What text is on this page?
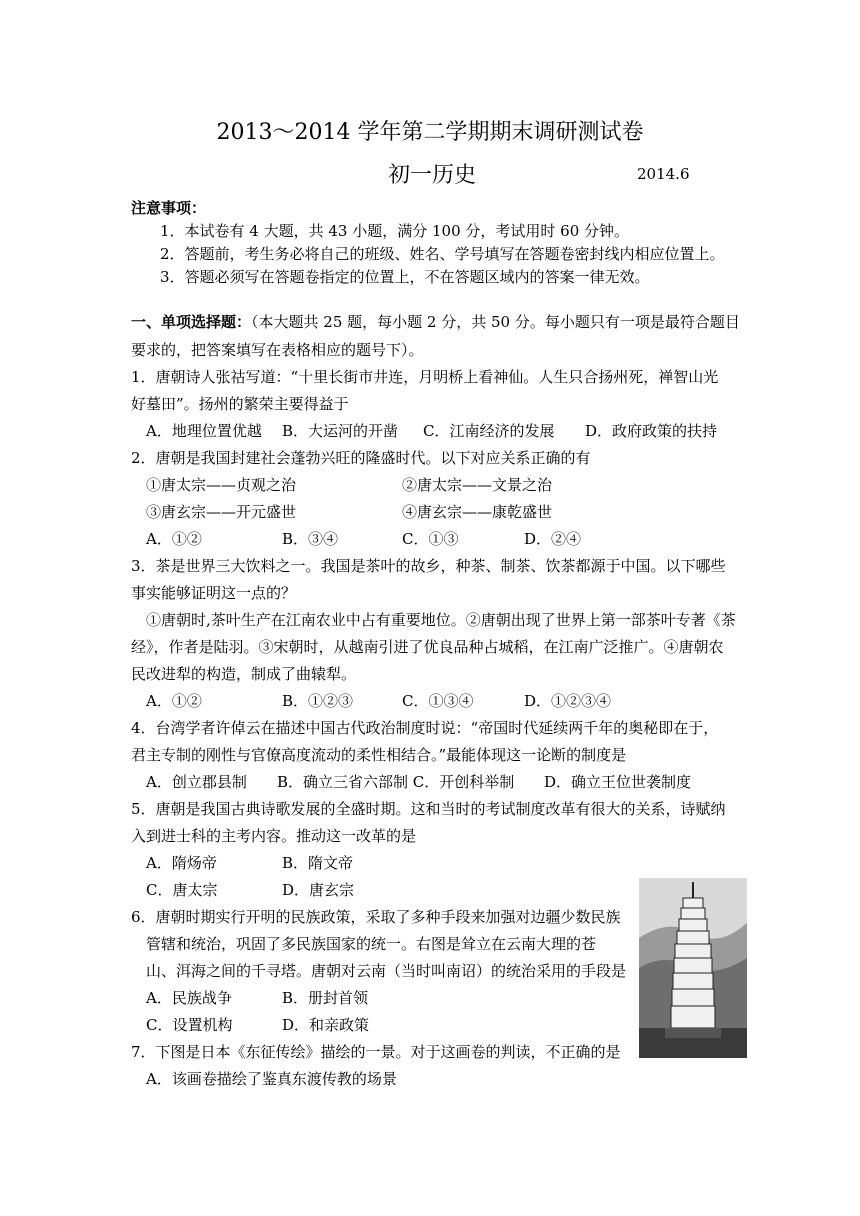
2013～2014 学年第二学期期末调研测试卷
初一历史	2014.6
注意事项：
1．本试卷有 4 大题，共 43 小题，满分 100 分，考试用时 60 分钟。
2．答题前，考生务必将自己的班级、姓名、学号填写在答题卷密封线内相应位置上。
3．答题必须写在答题卷指定的位置上，不在答题区域内的答案一律无效。
一、单项选择题：（本大题共 25 题，每小题 2 分，共 50 分。每小题只有一项是最符合题目
要求的，把答案填写在表格相应的题号下）。
1．唐朝诗人张祜写道：“十里长街市井连，月明桥上看神仙。人生只合扬州死，禅智山光
好墓田”。扬州的繁荣主要得益于
A．地理位置优越 B．大运河的开凿 C．江南经济的发展 D．政府政策的扶持
2．唐朝是我国封建社会蓬勃兴旺的隆盛时代。以下对应关系正确的有
①唐太宗——贞观之治	②唐太宗——文景之治
③唐玄宗——开元盛世	④唐玄宗——康乾盛世
A．①②	B．③④	C．①③	D．②④
3．茶是世界三大饮料之一。我国是茶叶的故乡，种茶、制茶、饮茶都源于中国。以下哪些
事实能够证明这一点的？
①唐朝时,茶叶生产在江南农业中占有重要地位。②唐朝出现了世界上第一部茶叶专著《茶
经》，作者是陆羽。③宋朝时，从越南引进了优良品种占城稻，在江南广泛推广。④唐朝农
民改进犁的构造，制成了曲辕犁。
A．①②	B．①②③	C．①③④	D．①②③④
4．台湾学者许倬云在描述中国古代政治制度时说：“帝国时代延续两千年的奥秘即在于，
君主专制的刚性与官僚高度流动的柔性相结合。”最能体现这一论断的制度是
A．创立郡县制 B．确立三省六部制 C．开创科举制 D．确立王位世袭制度
5．唐朝是我国古典诗歌发展的全盛时期。这和当时的考试制度改革有很大的关系，诗赋纳
入到进士科的主考内容。推动这一改革的是
A．隋炀帝	B．隋文帝
C．唐太宗	D．唐玄宗
6．唐朝时期实行开明的民族政策，采取了多种手段来加强对边疆少数民族
管辖和统治，巩固了多民族国家的统一。右图是耸立在云南大理的苍
山、洱海之间的千寻塔。唐朝对云南（当时叫南诏）的统治采用的手段是
A．民族战争	B．册封首领
C．设置机构	D．和亲政策
7．下图是日本《东征传绘》描绘的一景。对于这画卷的判读，不正确的是
A．该画卷描绘了鉴真东渡传教的场景
